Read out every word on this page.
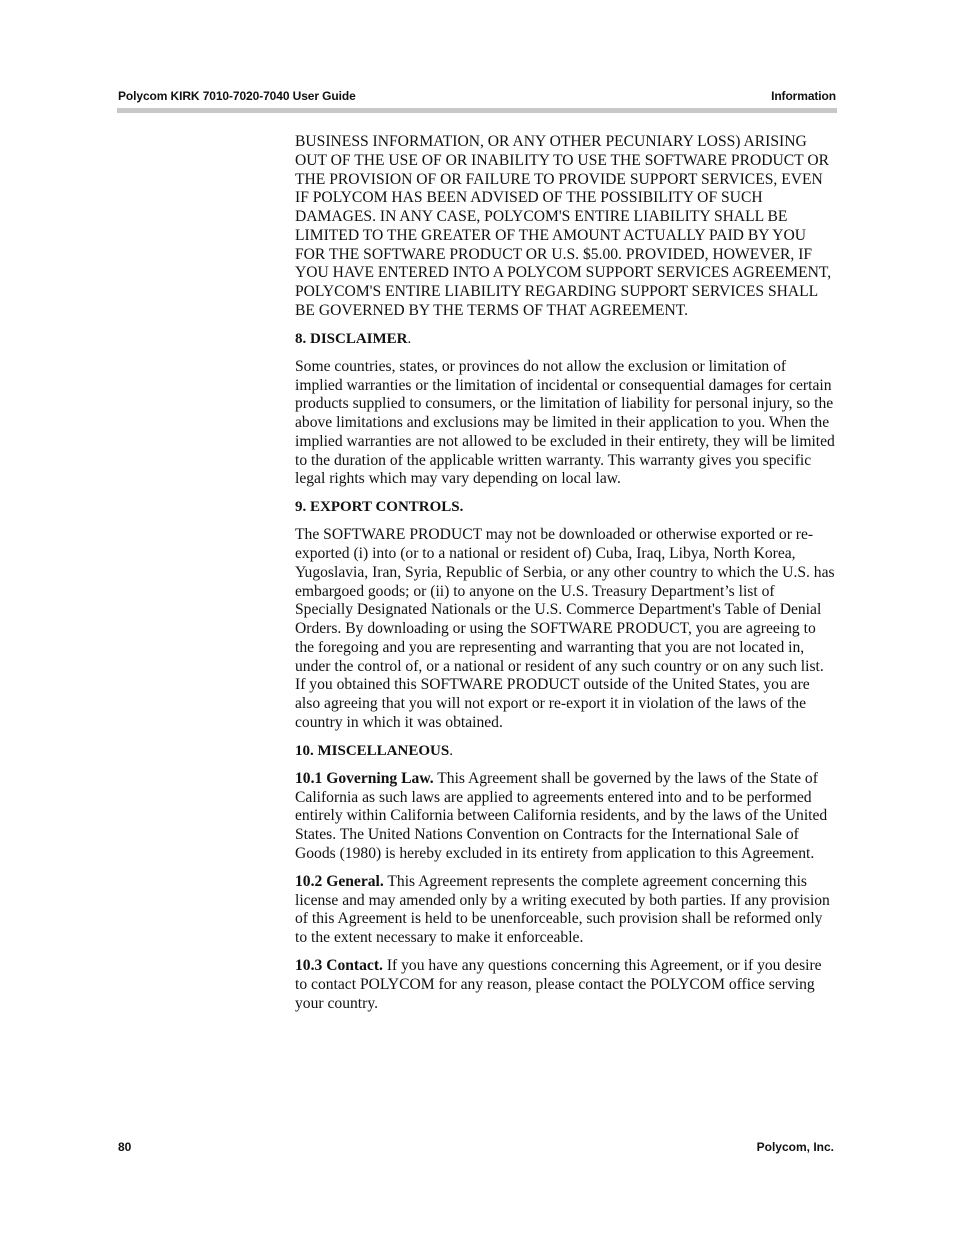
Polycom KIRK 7010-7020-7040 User Guide	Information

BUSINESS INFORMATION, OR ANY OTHER PECUNIARY LOSS) ARISING OUT OF THE USE OF OR INABILITY TO USE THE SOFTWARE PRODUCT OR THE PROVISION OF OR FAILURE TO PROVIDE SUPPORT SERVICES, EVEN IF POLYCOM HAS BEEN ADVISED OF THE POSSIBILITY OF SUCH DAMAGES. IN ANY CASE, POLYCOM'S ENTIRE LIABILITY SHALL BE LIMITED TO THE GREATER OF THE AMOUNT ACTUALLY PAID BY YOU FOR THE SOFTWARE PRODUCT OR U.S. $5.00. PROVIDED, HOWEVER, IF YOU HAVE ENTERED INTO A POLYCOM SUPPORT SERVICES AGREEMENT, POLYCOM'S ENTIRE LIABILITY REGARDING SUPPORT SERVICES SHALL BE GOVERNED BY THE TERMS OF THAT AGREEMENT.

8. DISCLAIMER.

Some countries, states, or provinces do not allow the exclusion or limitation of implied warranties or the limitation of incidental or consequential damages for certain products supplied to consumers, or the limitation of liability for personal injury, so the above limitations and exclusions may be limited in their application to you. When the implied warranties are not allowed to be excluded in their entirety, they will be limited to the duration of the applicable written warranty. This warranty gives you specific legal rights which may vary depending on local law.

9. EXPORT CONTROLS.

The SOFTWARE PRODUCT may not be downloaded or otherwise exported or re-exported (i) into (or to a national or resident of) Cuba, Iraq, Libya, North Korea, Yugoslavia, Iran, Syria, Republic of Serbia, or any other country to which the U.S. has embargoed goods; or (ii) to anyone on the U.S. Treasury Department’s list of Specially Designated Nationals or the U.S. Commerce Department's Table of Denial Orders. By downloading or using the SOFTWARE PRODUCT, you are agreeing to the foregoing and you are representing and warranting that you are not located in, under the control of, or a national or resident of any such country or on any such list. If you obtained this SOFTWARE PRODUCT outside of the United States, you are also agreeing that you will not export or re-export it in violation of the laws of the country in which it was obtained.

10. MISCELLANEOUS.

10.1 Governing Law. This Agreement shall be governed by the laws of the State of California as such laws are applied to agreements entered into and to be performed entirely within California between California residents, and by the laws of the United States. The United Nations Convention on Contracts for the International Sale of Goods (1980) is hereby excluded in its entirety from application to this Agreement.

10.2 General. This Agreement represents the complete agreement concerning this license and may amended only by a writing executed by both parties. If any provision of this Agreement is held to be unenforceable, such provision shall be reformed only to the extent necessary to make it enforceable.

10.3 Contact. If you have any questions concerning this Agreement, or if you desire to contact POLYCOM for any reason, please contact the POLYCOM office serving your country.

80	Polycom, Inc.
